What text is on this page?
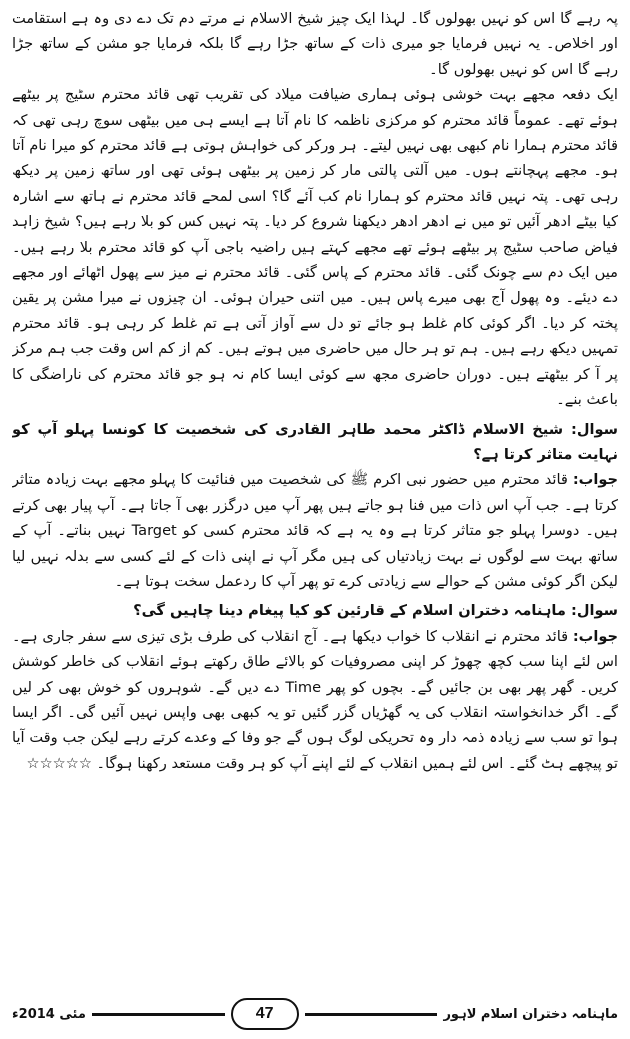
پہ رہے گا اس کو نہیں بھولوں گا۔ لہذا ایک چیز شیخ الاسلام نے مرتے دم تک دے دی وہ ہے استقامت اور اخلاص۔ یہ نہیں فرمایا جو میری ذات کے ساتھ جڑا رہے گا بلکہ فرمایا جو مشن کے ساتھ جڑا رہے گا اس کو نہیں بھولوں گا۔

ایک دفعہ مجھے بہت خوشی ہوئی ہماری ضیافت میلاد کی تقریب تھی قائد محترم سٹیج پر بیٹھے ہوئے تھے۔ عموماً قائد محترم کو مرکزی ناظمہ کا نام آتا ہے ایسے ہی میں بیٹھی سوچ رہی تھی کہ قائد محترم ہمارا نام کبھی بھی نہیں لیتے۔ ہر ورکر کی خواہش ہوتی ہے قائد محترم کو میرا نام آتا ہو۔ مجھے پہچانتے ہوں۔ میں آلتی پالتی مار کر زمین پر بیٹھی ہوئی تھی اور ساتھ زمین پر دیکھ رہی تھی۔ پتہ نہیں قائد محترم کو ہمارا نام کب آئے گا؟ اسی لمحے قائد محترم نے ہاتھ سے اشارہ کیا بیٹے ادھر آئیں تو میں نے ادھر ادھر دیکھنا شروع کر دیا۔ پتہ نہیں کس کو بلا رہے ہیں؟ شیخ زاہد فیاض صاحب سٹیج پر بیٹھے ہوئے تھے مجھے کہتے ہیں راضیہ باجی آپ کو قائد محترم بلا رہے ہیں۔ میں ایک دم سے چونک گئی۔ قائد محترم کے پاس گئی۔ قائد محترم نے میز سے پھول اٹھائے اور مجھے دے دیئے۔ وہ پھول آج بھی میرے پاس ہیں۔ میں اتنی حیران ہوئی۔ ان چیزوں نے میرا مشن پر یقین پختہ کر دیا۔ اگر کوئی کام غلط ہو جائے تو دل سے آواز آتی ہے تم غلط کر رہی ہو۔ قائد محترم تمہیں دیکھ رہے ہیں۔ ہم تو ہر حال میں حاضری میں ہوتے ہیں۔ کم از کم اس وقت جب ہم مرکز پر آ کر بیٹھتے ہیں۔ دوران حاضری مجھ سے کوئی ایسا کام نہ ہو جو قائد محترم کی ناراضگی کا باعث بنے۔

سوال: شیخ الاسلام ڈاکٹر محمد طاہر القادری کی شخصیت کا کونسا پہلو آپ کو نہایت متاثر کرتا ہے؟

جواب: قائد محترم میں حضور نبی اکرم ﷺ کی شخصیت میں فنائیت کا پہلو مجھے بہت زیادہ متاثر کرتا ہے۔ جب آپ اس ذات میں فنا ہو جاتے ہیں پھر آپ میں درگزر بھی آ جاتا ہے۔ آپ پیار بھی کرتے ہیں۔ دوسرا پہلو جو متاثر کرتا ہے وہ یہ ہے کہ قائد محترم کسی کو Target نہیں بناتے۔ آپ کے ساتھ بہت سے لوگوں نے بہت زیادتیاں کی ہیں مگر آپ نے اپنی ذات کے لئے کسی سے بدلہ نہیں لیا لیکن اگر کوئی مشن کے حوالے سے زیادتی کرے تو پھر آپ کا ردعمل سخت ہوتا ہے۔

سوال: ماہنامہ دختران اسلام کے قارئین کو کیا پیغام دینا چاہیں گی؟

جواب: قائد محترم نے انقلاب کا خواب دیکھا ہے۔ آج انقلاب کی طرف بڑی تیزی سے سفر جاری ہے۔ اس لئے اپنا سب کچھ چھوڑ کر اپنی مصروفیات کو بالائے طاق رکھتے ہوئے انقلاب کی خاطر کوشش کریں۔ گھر پھر بھی بن جائیں گے۔ بچوں کو پھر Time دے دیں گے۔ شوہروں کو خوش بھی کر لیں گے۔ اگر خدانخواستہ انقلاب کی یہ گھڑیاں گزر گئیں تو یہ کبھی بھی واپس نہیں آئیں گی۔ اگر ایسا ہوا تو سب سے زیادہ ذمہ دار وہ تحریکی لوگ ہوں گے جو وفا کے وعدے کرتے رہے لیکن جب وقت آیا تو پیچھے ہٹ گئے۔ اس لئے ہمیں انقلاب کے لئے اپنے آپ کو ہر وقت مستعد رکھنا ہوگا۔ ☆☆☆☆☆

ماہنامہ دختران اسلام لاہور
47
مئی 2014ء
